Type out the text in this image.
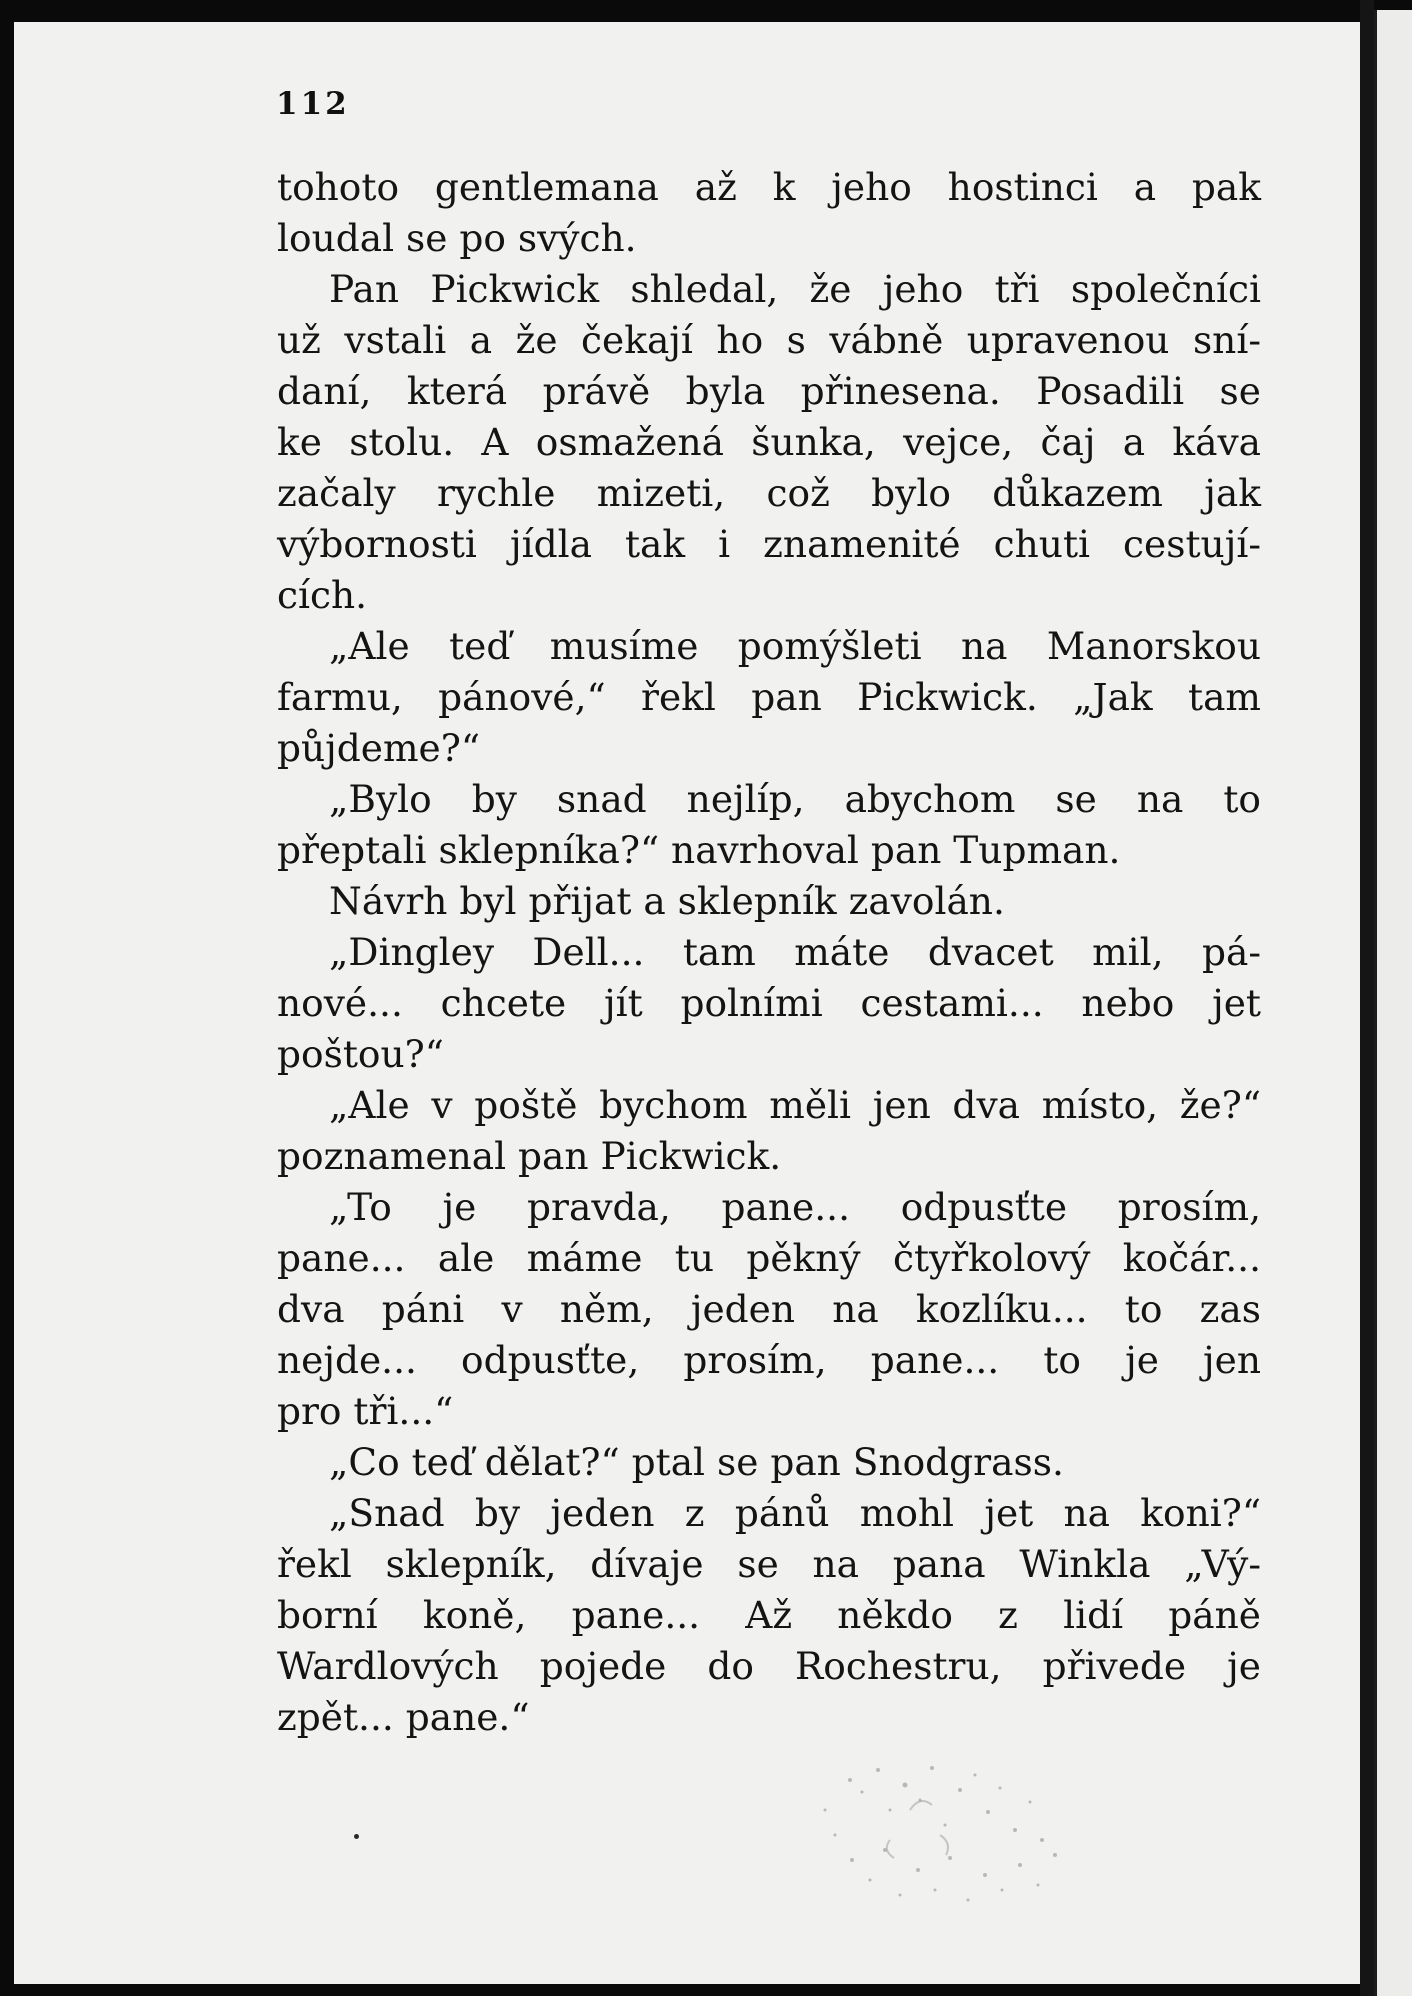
112
tohoto gentlemana až k jeho hostinci a pak
loudal se po svých.
Pan Pickwick shledal, že jeho tři společníci
už vstali a že čekají ho s vábně upravenou sní-
daní, která právě byla přinesena. Posadili se
ke stolu. A osmažená šunka, vejce, čaj a káva
začaly rychle mizeti, což bylo důkazem jak
výbornosti jídla tak i znamenité chuti cestují-
cích.
„Ale teď musíme pomýšleti na Manorskou
farmu, pánové,“ řekl pan Pickwick. „Jak tam
půjdeme?“
„Bylo by snad nejlíp, abychom se na to
přeptali sklepníka?“ navrhoval pan Tupman.
Návrh byl přijat a sklepník zavolán.
„Dingley Dell... tam máte dvacet mil, pá-
nové... chcete jít polními cestami... nebo jet
poštou?“
„Ale v poště bychom měli jen dva místo, že?“
poznamenal pan Pickwick.
„To je pravda, pane... odpusťte prosím,
pane... ale máme tu pěkný čtyřkolový kočár...
dva páni v něm, jeden na kozlíku... to zas
nejde... odpusťte, prosím, pane... to je jen
pro tři...“
„Co teď dělat?“ ptal se pan Snodgrass.
„Snad by jeden z pánů mohl jet na koni?“
řekl sklepník, dívaje se na pana Winkla „Vý-
borní koně, pane... Až někdo z lidí páně
Wardlových pojede do Rochestru, přivede je
zpět... pane.“
